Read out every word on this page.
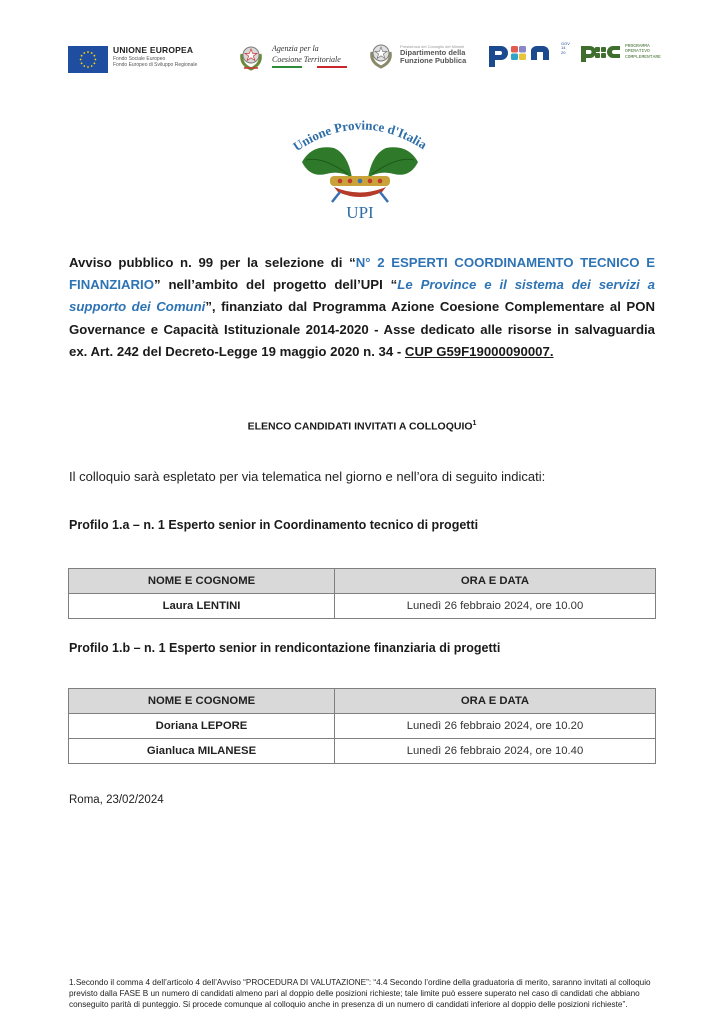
UNIONE EUROPEA
Fondo Sociale Europeo
Fondo Europeo di Sviluppo Regionale
Agenzia per la
Coesione Territoriale
Presidenza del Consiglio dei Ministri
Dipartimento della
Funzione Pubblica
GOV 14 20
PROGRAMMA
OPERATIVO
COMPLEMENTARE
Unione Province d'Italia
UPI
Avviso pubblico n. 99 per la selezione di “N° 2 ESPERTI COORDINAMENTO TECNICO E FINANZIARIO” nell’ambito del progetto dell’UPI “Le Province e il sistema dei servizi a supporto dei Comuni”, finanziato dal Programma Azione Coesione Complementare al PON Governance e Capacità Istituzionale 2014-2020 - Asse dedicato alle risorse in salvaguardia ex. Art. 242 del Decreto-Legge 19 maggio 2020 n. 34 - CUP G59F19000090007.
ELENCO CANDIDATI INVITATI A COLLOQUIO$^1$
Il colloquio sarà espletato per via telematica nel giorno e nell’ora di seguito indicati:
Profilo 1.a – n. 1 Esperto senior in Coordinamento tecnico di progetti
NOME E COGNOME	ORA E DATA
Laura LENTINI	Lunedì 26 febbraio 2024, ore 10.00
Profilo 1.b – n. 1 Esperto senior in rendicontazione finanziaria di progetti
NOME E COGNOME	ORA E DATA
Doriana LEPORE	Lunedì 26 febbraio 2024, ore 10.20
Gianluca MILANESE	Lunedì 26 febbraio 2024, ore 10.40
Roma, 23/02/2024
1.Secondo il comma 4 dell’articolo 4 dell’Avviso “PROCEDURA DI VALUTAZIONE”: “4.4 Secondo l’ordine della graduatoria di merito, saranno invitati al colloquio previsto dalla FASE B un numero di candidati almeno pari al doppio delle posizioni richieste; tale limite può essere superato nel caso di candidati che abbiano conseguito parità di punteggio. Si procede comunque al colloquio anche in presenza di un numero di candidati inferiore al doppio delle posizioni richieste”.
